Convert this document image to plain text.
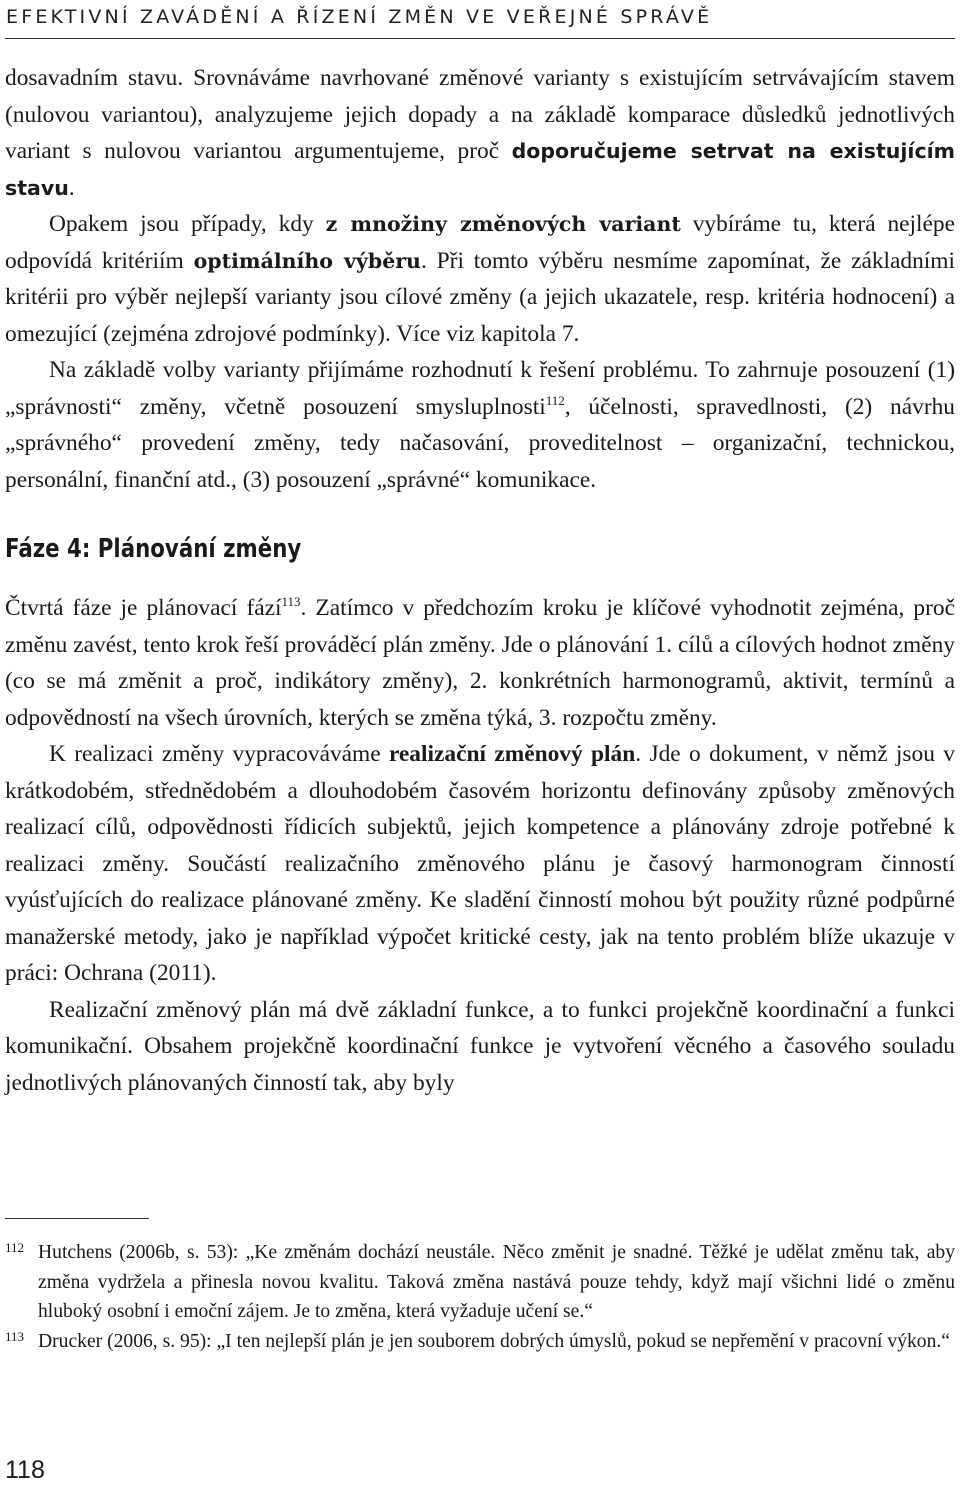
EFEKTIVNÍ ZAVÁDĚNÍ A ŘÍZENÍ ZMĚN VE VEŘEJNÉ SPRÁVĚ

dosavadním stavu. Srovnáváme navrhované změnové varianty s existujícím setrvávajícím stavem (nulovou variantou), analyzujeme jejich dopady a na základě komparace důsledků jednotlivých variant s nulovou variantou argumentujeme, proč doporučujeme setrvat na existujícím stavu.

Opakem jsou případy, kdy z množiny změnových variant vybíráme tu, která nejlépe odpovídá kritériím optimálního výběru. Při tomto výběru nesmíme zapomínat, že základními kritérii pro výběr nejlepší varianty jsou cílové změny (a jejich ukazatele, resp. kritéria hodnocení) a omezující (zejména zdrojové podmínky). Více viz kapitola 7.

Na základě volby varianty přijímáme rozhodnutí k řešení problému. To zahrnuje posouzení (1) „správnosti“ změny, včetně posouzení smysluplnosti$^{112}$, účelnosti, spravedlnosti, (2) návrhu „správného“ provedení změny, tedy načasování, proveditelnost – organizační, technickou, personální, finanční atd., (3) posouzení „správné“ komunikace.

Fáze 4: Plánování změny

Čtvrtá fáze je plánovací fází$^{113}$. Zatímco v předchozím kroku je klíčové vyhodnotit zejména, proč změnu zavést, tento krok řeší prováděcí plán změny. Jde o plánování 1. cílů a cílových hodnot změny (co se má změnit a proč, indikátory změny), 2. konkrétních harmonogramů, aktivit, termínů a odpovědností na všech úrovních, kterých se změna týká, 3. rozpočtu změny.

K realizaci změny vypracováváme realizační změnový plán. Jde o dokument, v němž jsou v krátkodobém, střednědobém a dlouhodobém časovém horizontu definovány způsoby změnových realizací cílů, odpovědnosti řídicích subjektů, jejich kompetence a plánovány zdroje potřebné k realizaci změny. Součástí realizačního změnového plánu je časový harmonogram činností vyúsťujících do realizace plánované změny. Ke sladění činností mohou být použity různé podpůrné manažerské metody, jako je například výpočet kritické cesty, jak na tento problém blíže ukazuje v práci: Ochrana (2011).

Realizační změnový plán má dvě základní funkce, a to funkci projekčně koordinační a funkci komunikační. Obsahem projekčně koordinační funkce je vytvoření věcného a časového souladu jednotlivých plánovaných činností tak, aby byly

112 Hutchens (2006b, s. 53): „Ke změnám dochází neustále. Něco změnit je snadné. Těžké je udělat změnu tak, aby změna vydržela a přinesla novou kvalitu. Taková změna nastává pouze tehdy, když mají všichni lidé o změnu hluboký osobní i emoční zájem. Je to změna, která vyžaduje učení se.“

113 Drucker (2006, s. 95): „I ten nejlepší plán je jen souborem dobrých úmyslů, pokud se nepřemění v pracovní výkon.“

118
